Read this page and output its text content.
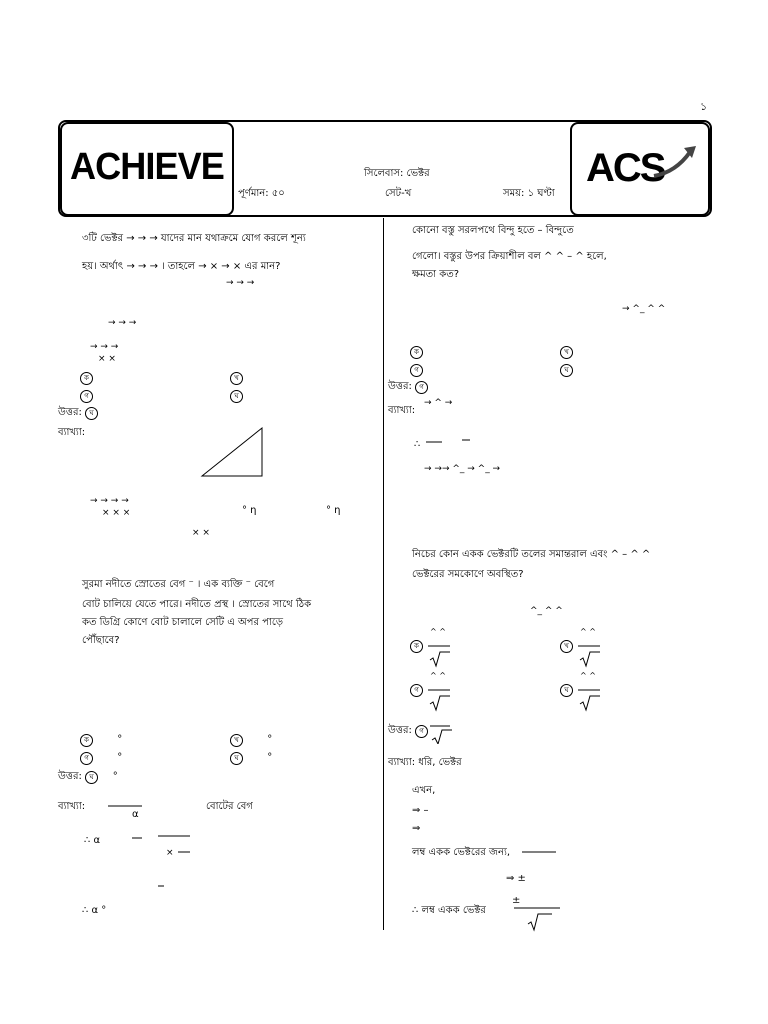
১
ACHIEVE	ACS
সিলেবাস: ভেক্টর
পূর্ণমান: ৫০	সেট-খ	সময়: ১ ঘণ্টা
৩টি ভেক্টর → → → যাদের মান যথাক্রমে যোগ করলে শূন্য
হয়। অর্থাৎ → → → । তাহলে → × → × এর মান?
→ → →
→ → →
→ → →
× ×
ক	খ
গ	ঘ
উত্তর: ঘ
ব্যাখ্যা:
→ → → →
× × ×	° η	° η
× ×
সুরমা নদীতে স্রোতের বেগ ⁻ । এক ব্যক্তি ⁻ বেগে
বোট চালিয়ে যেতে পারে। নদীতে প্রস্থ । স্রোতের সাথে ঠিক
কত ডিগ্রি কোণে বোট চালালে সেটি এ অপর পাড়ে
পৌঁছাবে?
ক	°	খ	°
গ	°	ঘ	°
উত্তর: ঘ °
ব্যাখ্যা:
α
বোটের বেগ
∴ α
×
∴ α °
কোনো বস্তু সরলপথে বিন্দু হতে – বিন্দুতে
গেলো। বস্তুর উপর ক্রিয়াশীল বল ^ ^ – ^ হলে,
ক্ষমতা কত?
→ ^_ ^ ^
ক	খ
গ	ঘ
উত্তর: গ
ব্যাখ্যা:
→ ^ →
∴
→ →→ ^_ → ^_ →
নিচের কোন একক ভেক্টরটি তলের সমান্তরাল এবং ^ – ^ ^
ভেক্টরের সমকোণে অবস্থিত?
^_ ^ ^
ক	খ
গ	ঘ
^ ^	^ ^
^ ^	^ ^
উত্তর: গ
ব্যাখ্যা: ধরি, ভেক্টর
এখন,
⇒ –
⇒
লম্ব একক ভেক্টরের জন্য,
⇒ ±
∴ লম্ব একক ভেক্টর
±
